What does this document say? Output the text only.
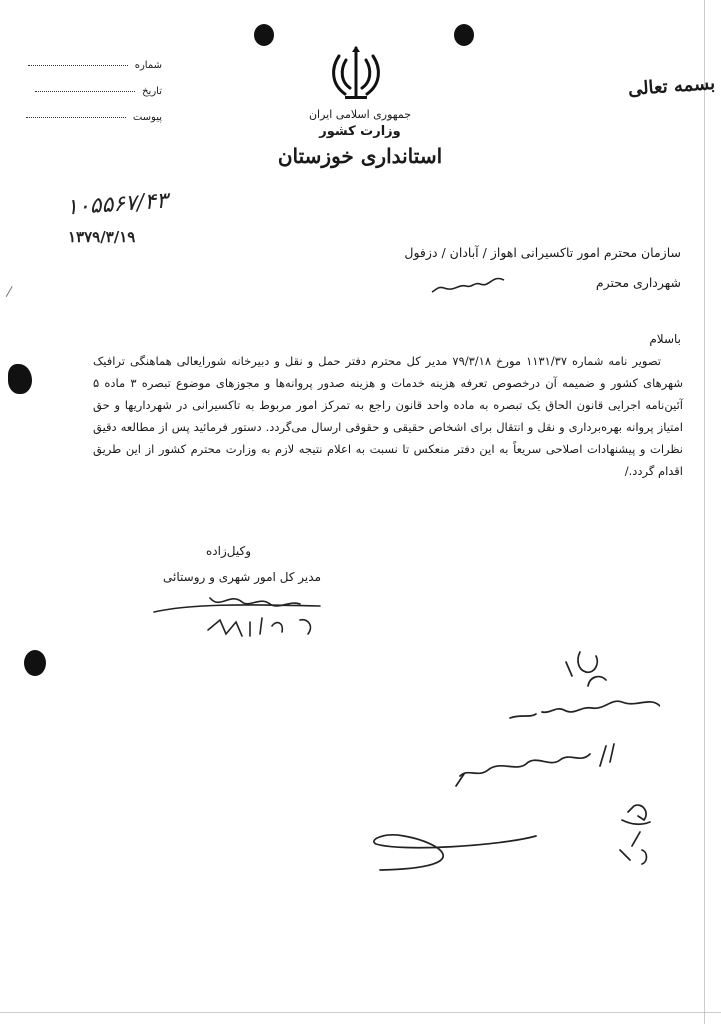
جمهوری اسلامی ایران
وزارت کشور
استانداری خوزستان
شماره
تاریخ
پیوست
بسمه تعالی
۱۰۵۵۶۷/۴۳
۱۳۷۹/۳/۱۹
سازمان محترم امور تاکسیرانی اهواز / آبادان / دزفول
شهرداری محترم
باسلام
تصویر نامه شماره ۱۱۳۱/۳۷ مورخ ۷۹/۳/۱۸ مدیر کل محترم دفتر حمل و نقل و دبیرخانه شورایعالی هماهنگی ترافیک شهرهای کشور و ضمیمه آن درخصوص تعرفه هزینه خدمات و هزینه صدور پروانه‌ها و مجوزهای موضوع تبصره ۳ ماده ۵ آئین‌نامه اجرایی قانون الحاق یک تبصره به ماده واحد قانون راجع به تمرکز امور مربوط به تاکسیرانی در شهرداریها و حق امتیاز پروانه بهره‌برداری و نقل و انتقال برای اشخاص حقیقی و حقوقی ارسال می‌گردد. دستور فرمائید پس از مطالعه دقیق نظرات و پیشنهادات اصلاحی سریعاً به این دفتر منعکس تا نسبت به اعلام نتیجه لازم به وزارت محترم کشور از این طریق اقدام گردد./
وکیل‌زاده
مدیر کل امور شهری و روستائی
